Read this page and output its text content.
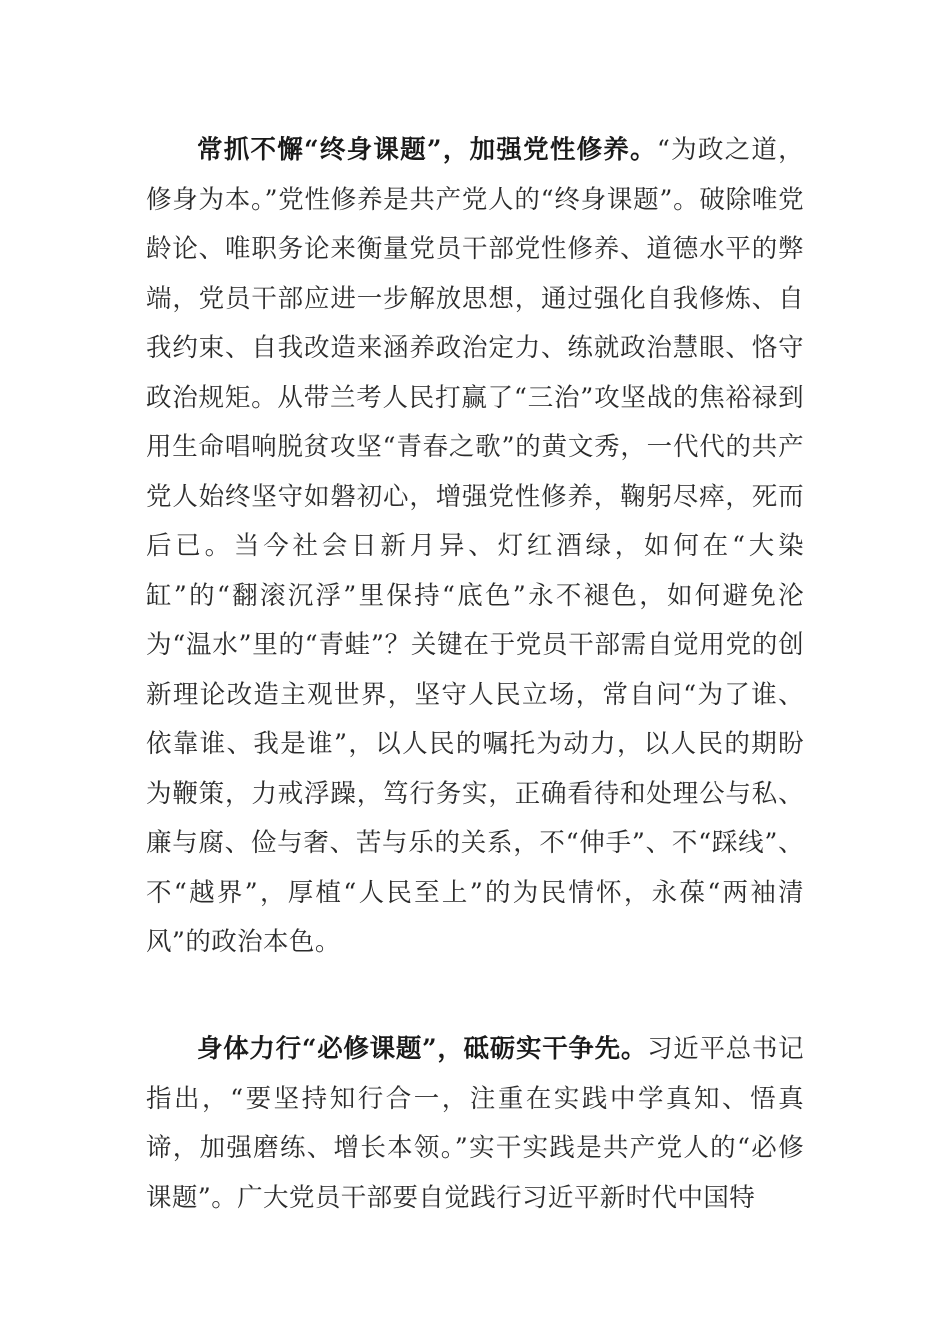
常抓不懈“终身课题”，加强党性修养。“为政之道，修身为本。”党性修养是共产党人的“终身课题”。破除唯党龄论、唯职务论来衡量党员干部党性修养、道德水平的弊端，党员干部应进一步解放思想，通过强化自我修炼、自我约束、自我改造来涵养政治定力、练就政治慧眼、恪守政治规矩。从带兰考人民打赢了“三治”攻坚战的焦裕禄到用生命唱响脱贫攻坚“青春之歌”的黄文秀，一代代的共产党人始终坚守如磐初心，增强党性修养，鞠躬尽瘁，死而后已。当今社会日新月异、灯红酒绿，如何在“大染缸”的“翻滚沉浮”里保持“底色”永不褪色，如何避免沦为“温水”里的“青蛙”？关键在于党员干部需自觉用党的创新理论改造主观世界，坚守人民立场，常自问“为了谁、依靠谁、我是谁”，以人民的嘱托为动力，以人民的期盼为鞭策，力戒浮躁，笃行务实，正确看待和处理公与私、廉与腐、俭与奢、苦与乐的关系，不“伸手”、不“踩线”、不“越界”，厚植“人民至上”的为民情怀，永葆“两袖清风”的政治本色。

身体力行“必修课题”，砥砺实干争先。习近平总书记指出，“要坚持知行合一，注重在实践中学真知、悟真谛，加强磨练、增长本领。”实干实践是共产党人的“必修课题”。广大党员干部要自觉践行习近平新时代中国特
